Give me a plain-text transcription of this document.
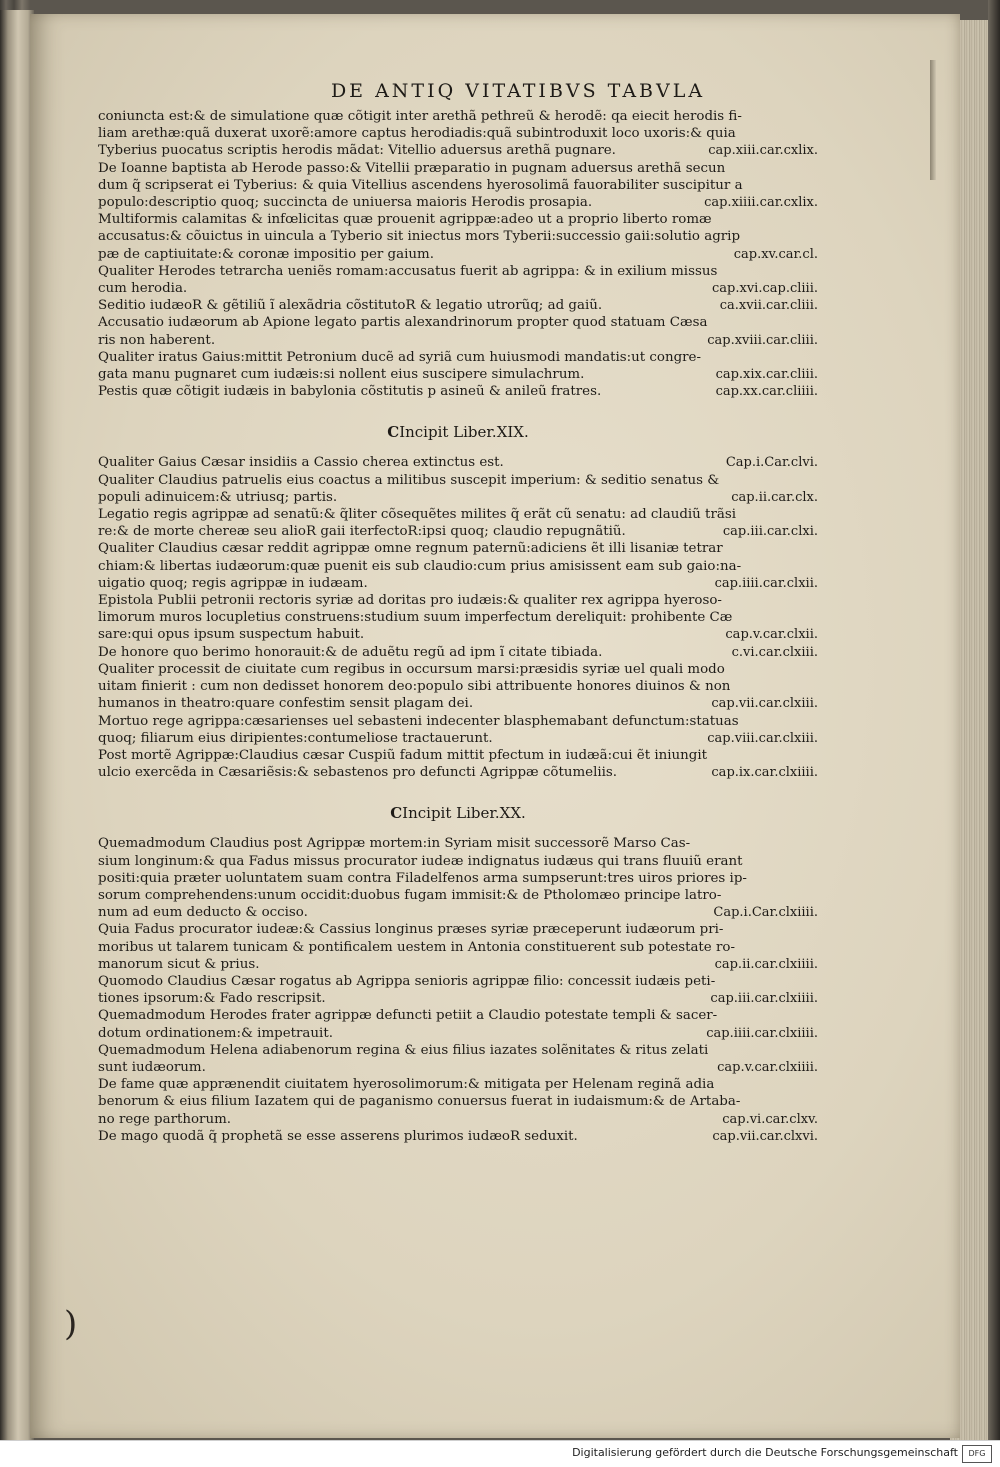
DE ANTIQ VITATIBVS TABVLA

coniuncta est:& de simulatione quæ cõtigit inter arethã pethreũ & herodẽ: qa eiecit herodis fi-

liam arethæ:quã duxerat uxorẽ:amore captus herodiadis:quã subintroduxit loco uxoris:& quia

cap.xiii.car.cxlix.
Tyberius puocatus scriptis herodis mãdat: Vitellio aduersus arethã pugnare.

De Ioanne baptista ab Herode passo:& Vitellii præparatio in pugnam aduersus arethã secun

dum q̃ scripserat ei Tyberius: & quia Vitellius ascendens hyerosolimã fauorabiliter suscipitur a

cap.xiiii.car.cxlix.
populo:descriptio quoq; succincta de uniuersa maioris Herodis prosapia.

Multiformis calamitas & infœlicitas quæ prouenit agrippæ:adeo ut a proprio liberto romæ

accusatus:& cõuictus in uincula a Tyberio sit iniectus mors Tyberii:successio gaii:solutio agrip

cap.xv.car.cl.
pæ de captiuitate:& coronæ impositio per gaium.

Qualiter Herodes tetrarcha ueniẽs romam:accusatus fuerit ab agrippa: & in exilium missus

cap.xvi.cap.cliii.
cum herodia.

ca.xvii.car.cliii.
Seditio iudæoR & gẽtiliũ ĩ alexãdria cõstitutoR & legatio utrorũq; ad gaiũ.

Accusatio iudæorum ab Apione legato partis alexandrinorum propter quod statuam Cæsa

cap.xviii.car.cliii.
ris non haberent.

Qualiter iratus Gaius:mittit Petronium ducẽ ad syriã cum huiusmodi mandatis:ut congre-

cap.xix.car.cliii.
gata manu pugnaret cum iudæis:si nollent eius suscipere simulachrum.

cap.xx.car.cliiii.
Pestis quæ cõtigit iudæis in babylonia cõstitutis p asineũ & anileũ fratres.

CIncipit Liber.XIX.

Cap.i.Car.clvi.
Qualiter Gaius Cæsar insidiis a Cassio cherea extinctus est.

Qualiter Claudius patruelis eius coactus a militibus suscepit imperium: & seditio senatus &

cap.ii.car.clx.
populi adinuicem:& utriusq; partis.

Legatio regis agrippæ ad senatũ:& q̃liter cõsequẽtes milites q̃ erãt cũ senatu: ad claudiũ trãsi

cap.iii.car.clxi.
re:& de morte chereæ seu alioR gaii iterfectoR:ipsi quoq; claudio repugnãtiũ.

Qualiter Claudius cæsar reddit agrippæ omne regnum paternũ:adiciens ẽt illi lisaniæ tetrar

chiam:& libertas iudæorum:quæ puenit eis sub claudio:cum prius amisissent eam sub gaio:na-

cap.iiii.car.clxii.
uigatio quoq; regis agrippæ in iudæam.

Epistola Publii petronii rectoris syriæ ad doritas pro iudæis:& qualiter rex agrippa hyeroso-

limorum muros locupletius construens:studium suum imperfectum dereliquit: prohibente Cæ

cap.v.car.clxii.
sare:qui opus ipsum suspectum habuit.

c.vi.car.clxiii.
De honore quo berimo honorauit:& de aduẽtu regũ ad ipm ĩ citate tibiada.

Qualiter processit de ciuitate cum regibus in occursum marsi:præsidis syriæ uel quali modo

uitam finierit : cum non dedisset honorem deo:populo sibi attribuente honores diuinos & non

cap.vii.car.clxiii.
humanos in theatro:quare confestim sensit plagam dei.

Mortuo rege agrippa:cæsarienses uel sebasteni indecenter blasphemabant defunctum:statuas

cap.viii.car.clxiii.
quoq; filiarum eius diripientes:contumeliose tractauerunt.

Post mortẽ Agrippæ:Claudius cæsar Cuspiũ fadum mittit pfectum in iudæã:cui ẽt iniungit

cap.ix.car.clxiiii.
ulcio exercẽda in Cæsariẽsis:& sebastenos pro defuncti Agrippæ cõtumeliis.

CIncipit Liber.XX.

Quemadmodum Claudius post Agrippæ mortem:in Syriam misit successorẽ Marso Cas-

sium longinum:& qua Fadus missus procurator iudeæ indignatus iudæus qui trans fluuiũ erant

positi:quia præter uoluntatem suam contra Filadelfenos arma sumpserunt:tres uiros priores ip-

sorum comprehendens:unum occidit:duobus fugam immisit:& de Ptholomæo principe latro-

Cap.i.Car.clxiiii.
num ad eum deducto & occiso.

Quia Fadus procurator iudeæ:& Cassius longinus præses syriæ præceperunt iudæorum pri-

moribus ut talarem tunicam & pontificalem uestem in Antonia constituerent sub potestate ro-

cap.ii.car.clxiiii.
manorum sicut & prius.

Quomodo Claudius Cæsar rogatus ab Agrippa senioris agrippæ filio: concessit iudæis peti-

cap.iii.car.clxiiii.
tiones ipsorum:& Fado rescripsit.

Quemadmodum Herodes frater agrippæ defuncti petiit a Claudio potestate templi & sacer-

cap.iiii.car.clxiiii.
dotum ordinationem:& impetrauit.

Quemadmodum Helena adiabenorum regina & eius filius iazates solẽnitates & ritus zelati

cap.v.car.clxiiii.
sunt iudæorum.

De fame quæ apprænendit ciuitatem hyerosolimorum:& mitigata per Helenam reginã adia

benorum & eius filium Iazatem qui de paganismo conuersus fuerat in iudaismum:& de Artaba-

cap.vi.car.clxv.
no rege parthorum.

cap.vii.car.clxvi.
De mago quodã q̃ prophetã se esse asserens plurimos iudæoR seduxit.

)
Digitalisierung gefördert durch die Deutsche Forschungsgemeinschaft	DFG
